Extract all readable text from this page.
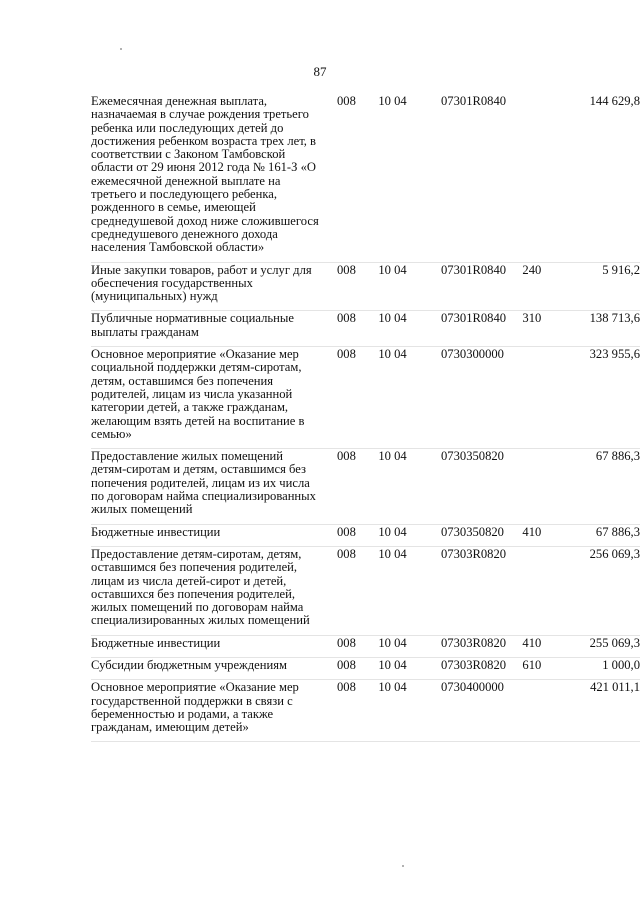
87
Ежемесячная денежная выплата, назначаемая в случае рождения третьего ребенка или последующих детей до достижения ребенком возраста трех лет, в соответствии с Законом Тамбовской области от 29 июня 2012 года № 161-З «О ежемесячной денежной выплате на третьего и последующего ребенка, рожденного в семье, имеющей среднедушевой доход ниже сложившегося среднедушевого денежного дохода населения Тамбовской области»	008	10 04	07301R0840		144 629,8
Иные закупки товаров, работ и услуг для обеспечения государственных (муниципальных) нужд	008	10 04	07301R0840	240	5 916,2
Публичные нормативные социальные выплаты гражданам	008	10 04	07301R0840	310	138 713,6
Основное мероприятие «Оказание мер социальной поддержки детям-сиротам, детям, оставшимся без попечения родителей, лицам из числа указанной категории детей, а также гражданам, желающим взять детей на воспитание в семью»	008	10 04	0730300000		323 955,6
Предоставление жилых помещений детям-сиротам и детям, оставшимся без попечения родителей, лицам из их числа по договорам найма специализированных жилых помещений	008	10 04	0730350820		67 886,3
Бюджетные инвестиции	008	10 04	0730350820	410	67 886,3
Предоставление детям-сиротам, детям, оставшимся без попечения родителей, лицам из числа детей-сирот и детей, оставшихся без попечения родителей, жилых помещений по договорам найма специализированных жилых помещений	008	10 04	07303R0820		256 069,3
Бюджетные инвестиции	008	10 04	07303R0820	410	255 069,3
Субсидии бюджетным учреждениям	008	10 04	07303R0820	610	1 000,0
Основное мероприятие «Оказание мер государственной поддержки в связи с беременностью и родами, а также гражданам, имеющим детей»	008	10 04	0730400000		421 011,1
